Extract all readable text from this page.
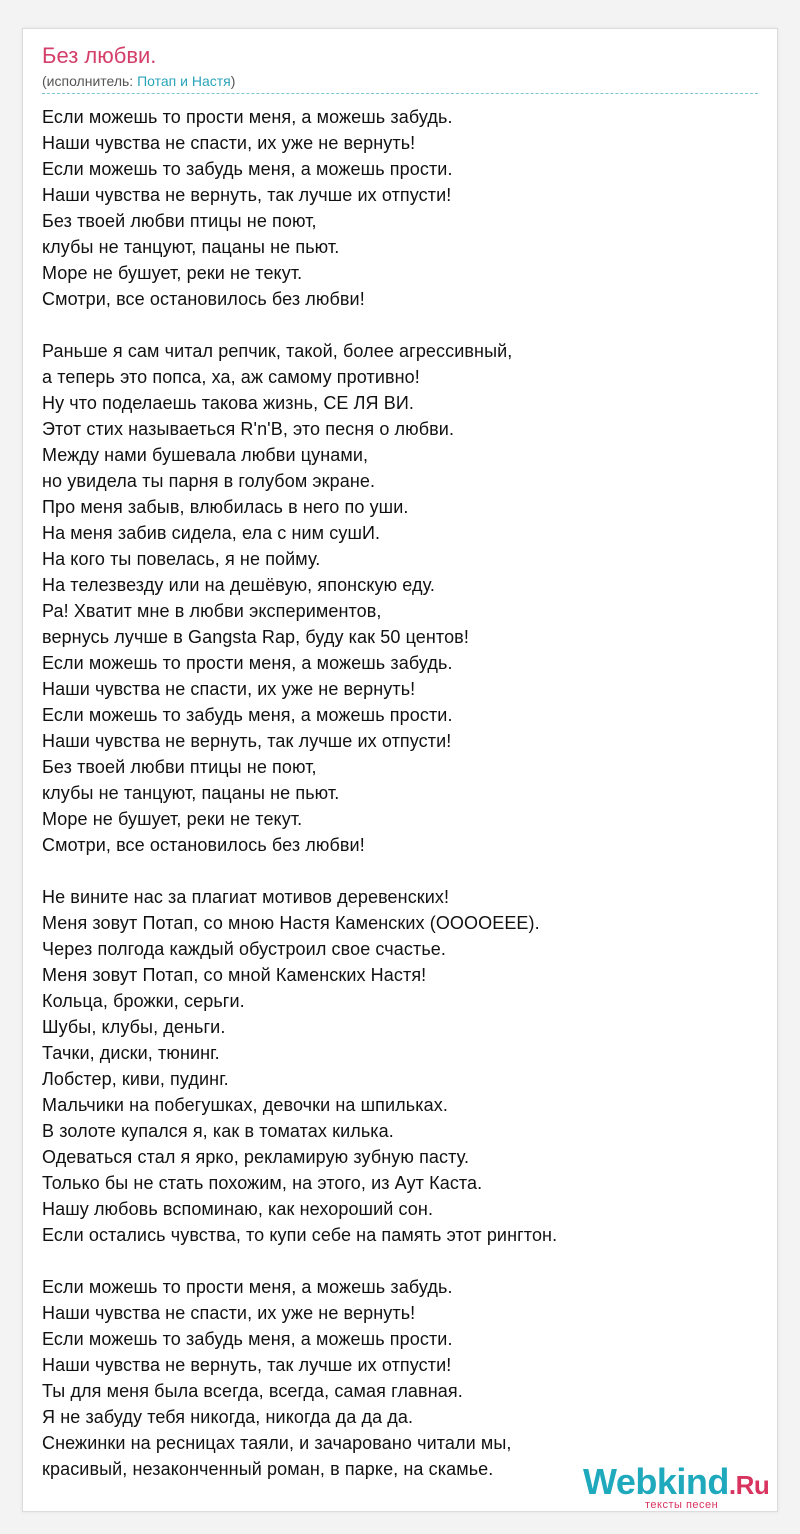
Без любви.
(исполнитель: Потап и Настя)
Если можешь то прости меня, а можешь забудь.
Наши чувства не спасти, их уже не вернуть!
Если можешь то забудь меня, а можешь прости.
Наши чувства не вернуть, так лучше их отпусти!
Без твоей любви птицы не поют,
клубы не танцуют, пацаны не пьют.
Море не бушует, реки не текут.
Смотри, все остановилось без любви!
Раньше я сам читал репчик, такой, более агрессивный,
а теперь это попса, ха, аж самому противно!
Ну что поделаешь такова жизнь, СЕ ЛЯ ВИ.
Этот стих называеться R'n'B, это песня о любви.
Между нами бушевала любви цунами,
но увидела ты парня в голубом экране.
Про меня забыв, влюбилась в него по уши.
На меня забив сидела, ела с ним сушИ.
На кого ты повелась, я не пойму.
На телезвезду или на дешёвую, японскую еду.
Ра! Хватит мне в любви экспериментов,
вернусь лучше в Gangsta Rap, буду как 50 центов!
Если можешь то прости меня, а можешь забудь.
Наши чувства не спасти, их уже не вернуть!
Если можешь то забудь меня, а можешь прости.
Наши чувства не вернуть, так лучше их отпусти!
Без твоей любви птицы не поют,
клубы не танцуют, пацаны не пьют.
Море не бушует, реки не текут.
Смотри, все остановилось без любви!
Не вините нас за плагиат мотивов деревенских!
Меня зовут Потап, со мною Настя Каменских (ОООOEEE).
Через полгода каждый обустроил свое счастье.
Меня зовут Потап, со мной Каменских Настя!
Кольца, брожки, серьги.
Шубы, клубы, деньги.
Тачки, диски, тюнинг.
Лобстер, киви, пудинг.
Мальчики на побегушках, девочки на шпильках.
В золоте купался я, как в томатах килька.
Одеваться стал я ярко, рекламирую зубную пасту.
Только бы не стать похожим, на этого, из Аут Каста.
Нашу любовь вспоминаю, как нехороший сон.
Если остались чувства, то купи себе на память этот рингтон.
Если можешь то прости меня, а можешь забудь.
Наши чувства не спасти, их уже не вернуть!
Если можешь то забудь меня, а можешь прости.
Наши чувства не вернуть, так лучше их отпусти!
Ты для меня была всегда, всегда, самая главная.
Я не забуду тебя никогда, никогда да да да.
Снежинки на ресницах таяли, и зачаровано читали мы,
красивый, незаконченный роман, в парке, на скамье.	Webkind.Ru
тексты песен
